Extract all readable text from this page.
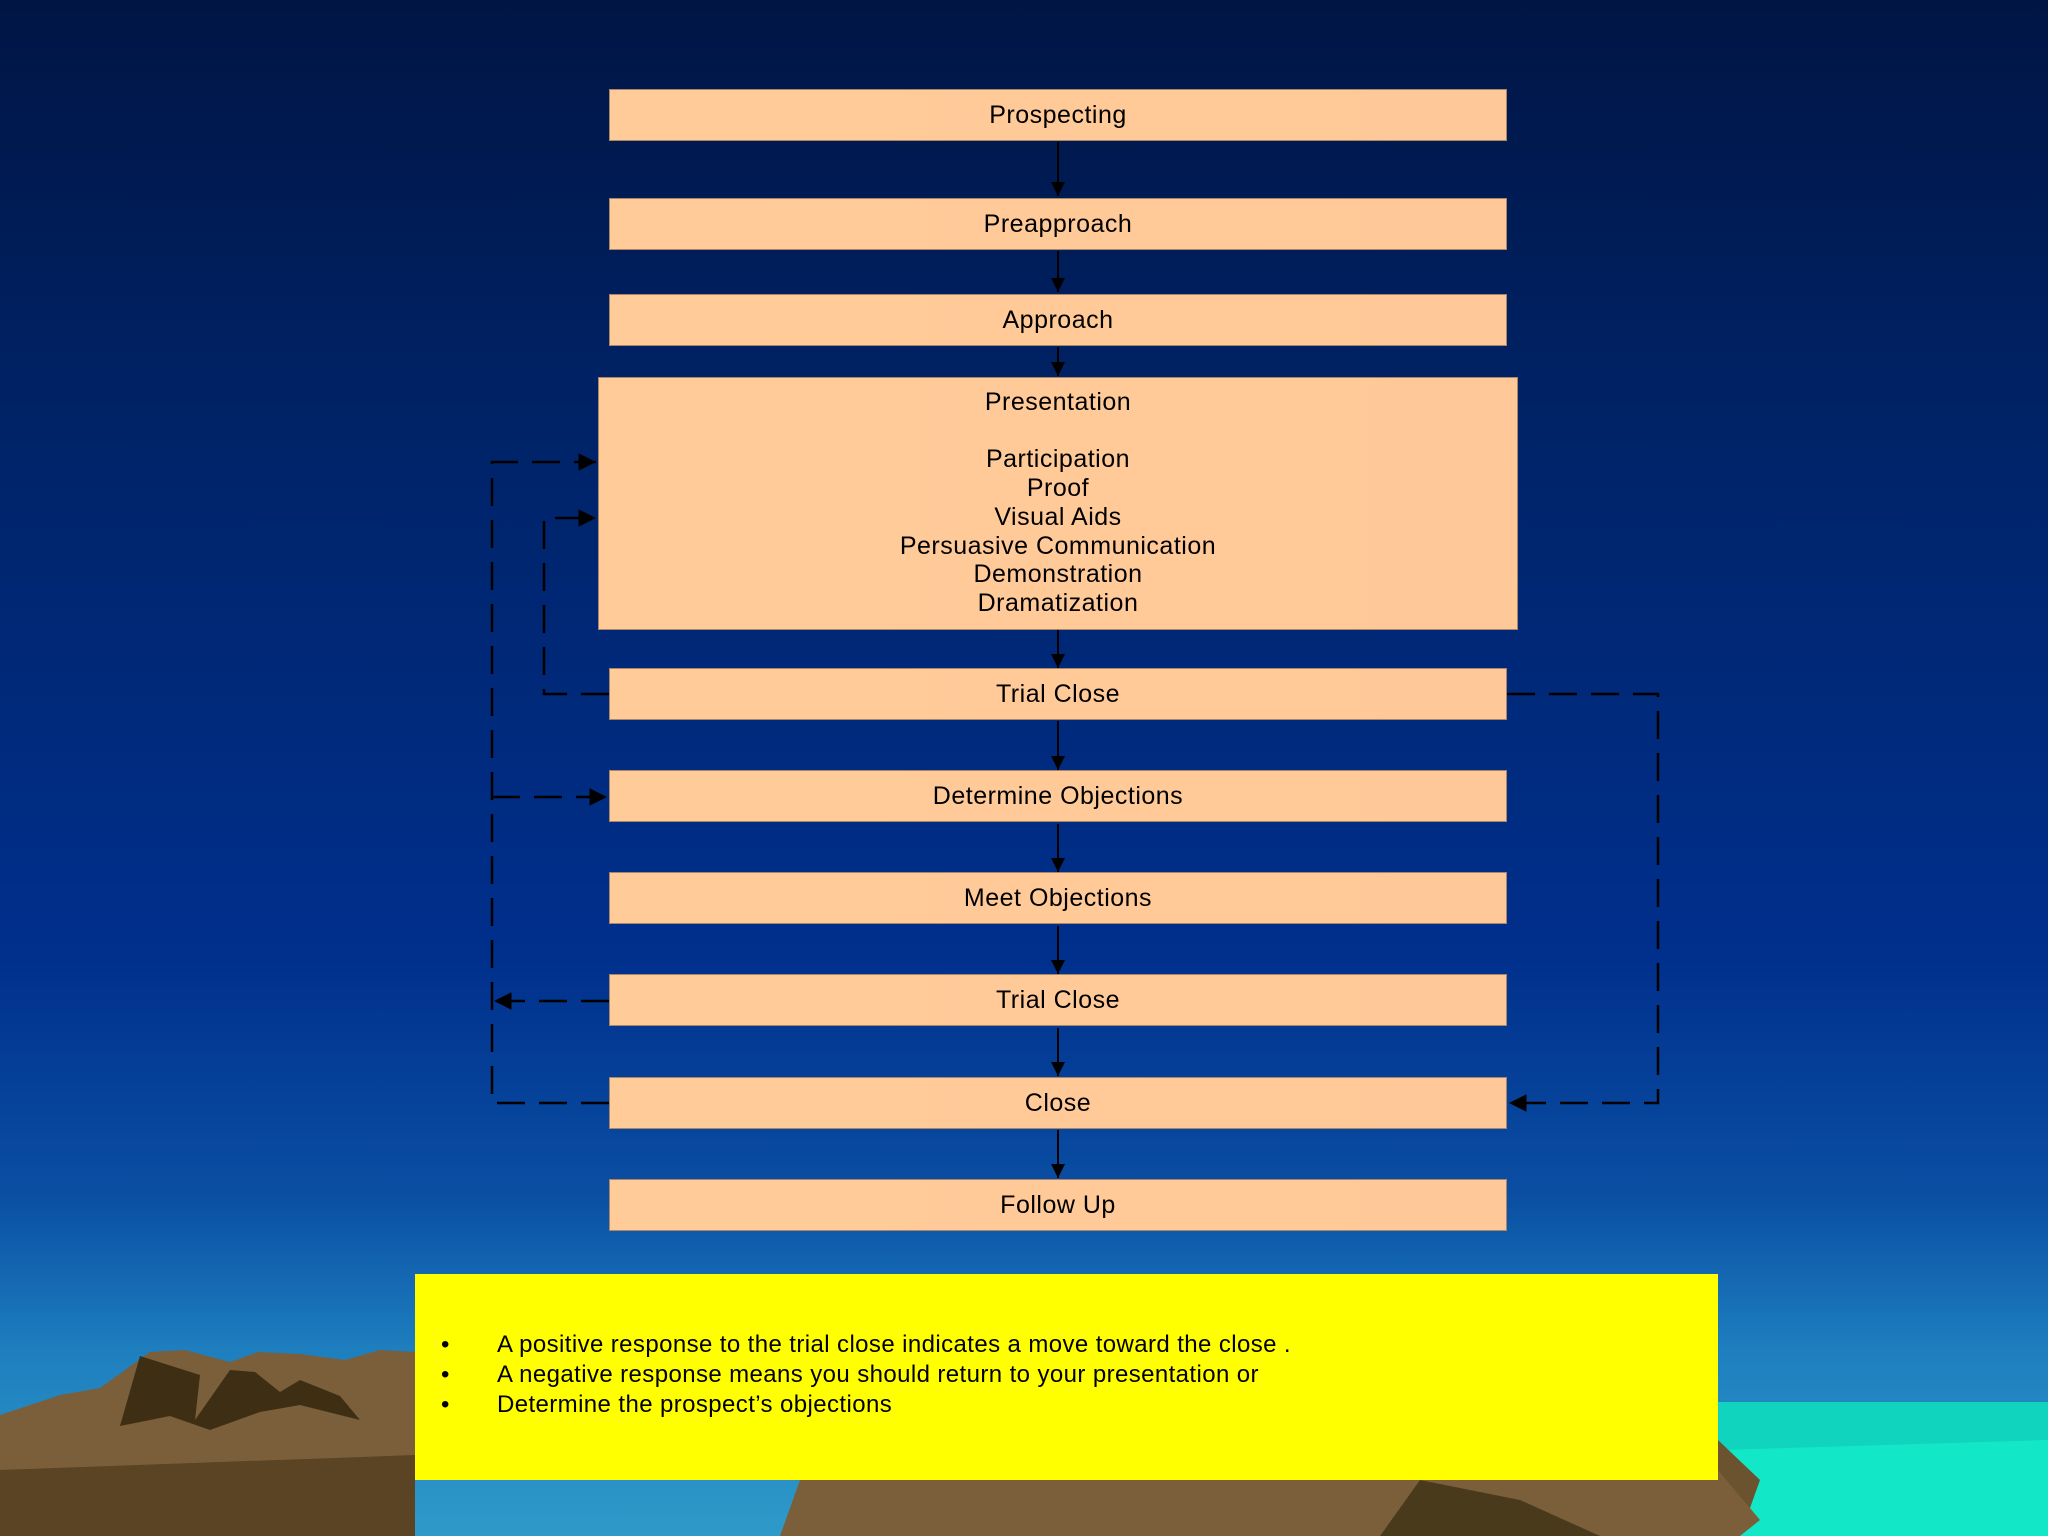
Prospecting
Preapproach
Approach
Presentation
Participation
Proof
Visual Aids
Persuasive Communication
Demonstration
Dramatization
Trial Close
Determine Objections
Meet Objections
Trial Close
Close
Follow Up
• A positive response to the trial close indicates a move toward the close .
• A negative response means you should return to your presentation or
• Determine the prospect’s objections
